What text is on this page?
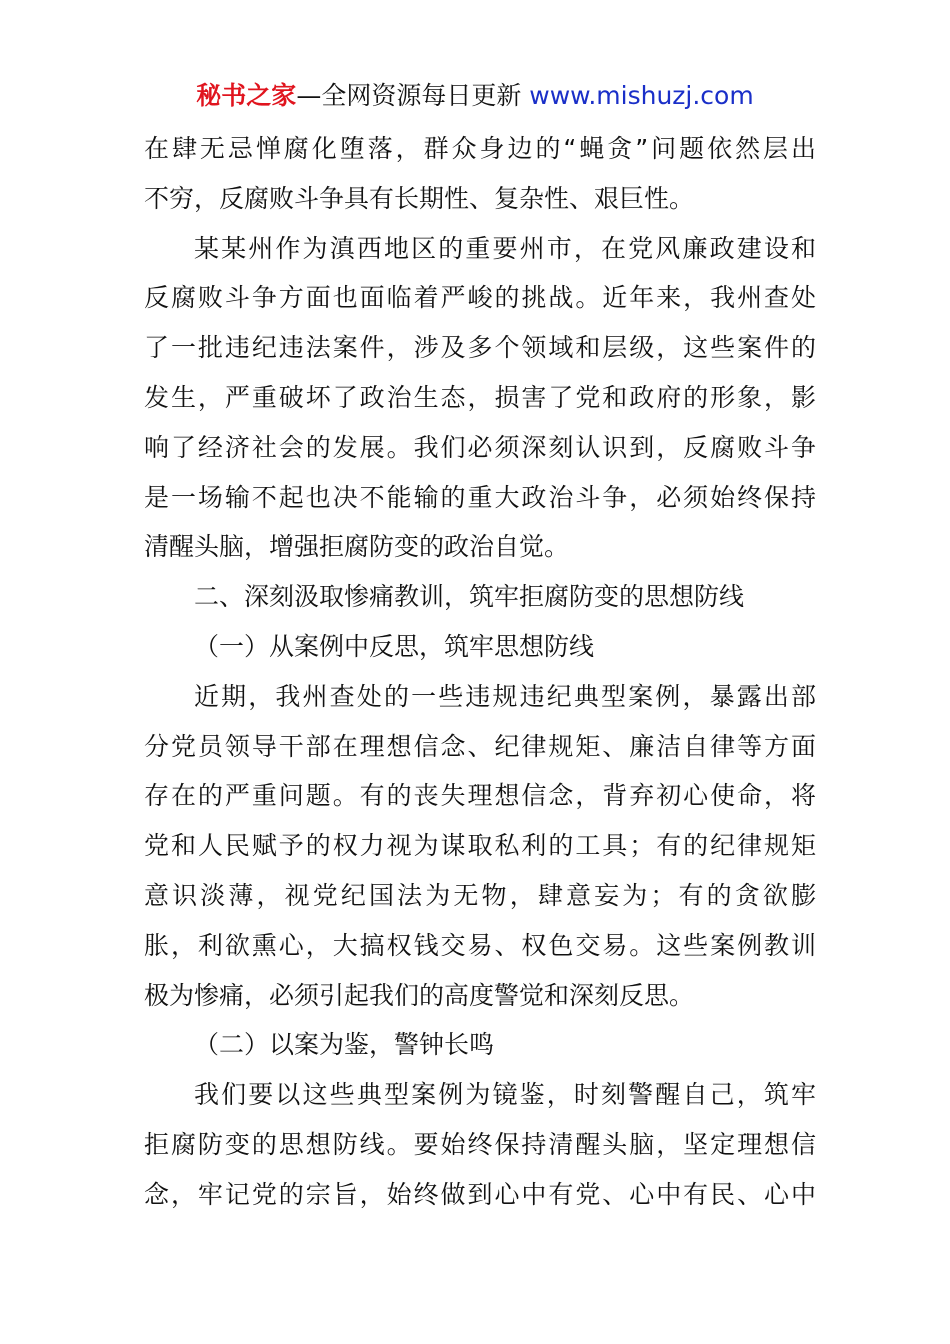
秘书之家—全网资源每日更新 www.mishuzj.com
在肆无忌惮腐化堕落，群众身边的“蝇贪”问题依然层出
不穷，反腐败斗争具有长期性、复杂性、艰巨性。
某某州作为滇西地区的重要州市，在党风廉政建设和
反腐败斗争方面也面临着严峻的挑战。近年来，我州查处
了一批违纪违法案件，涉及多个领域和层级，这些案件的
发生，严重破坏了政治生态，损害了党和政府的形象，影
响了经济社会的发展。我们必须深刻认识到，反腐败斗争
是一场输不起也决不能输的重大政治斗争，必须始终保持
清醒头脑，增强拒腐防变的政治自觉。
二、深刻汲取惨痛教训，筑牢拒腐防变的思想防线
（一）从案例中反思，筑牢思想防线
近期，我州查处的一些违规违纪典型案例，暴露出部
分党员领导干部在理想信念、纪律规矩、廉洁自律等方面
存在的严重问题。有的丧失理想信念，背弃初心使命，将
党和人民赋予的权力视为谋取私利的工具；有的纪律规矩
意识淡薄，视党纪国法为无物，肆意妄为；有的贪欲膨
胀，利欲熏心，大搞权钱交易、权色交易。这些案例教训
极为惨痛，必须引起我们的高度警觉和深刻反思。
（二）以案为鉴，警钟长鸣
我们要以这些典型案例为镜鉴，时刻警醒自己，筑牢
拒腐防变的思想防线。要始终保持清醒头脑，坚定理想信
念，牢记党的宗旨，始终做到心中有党、心中有民、心中
